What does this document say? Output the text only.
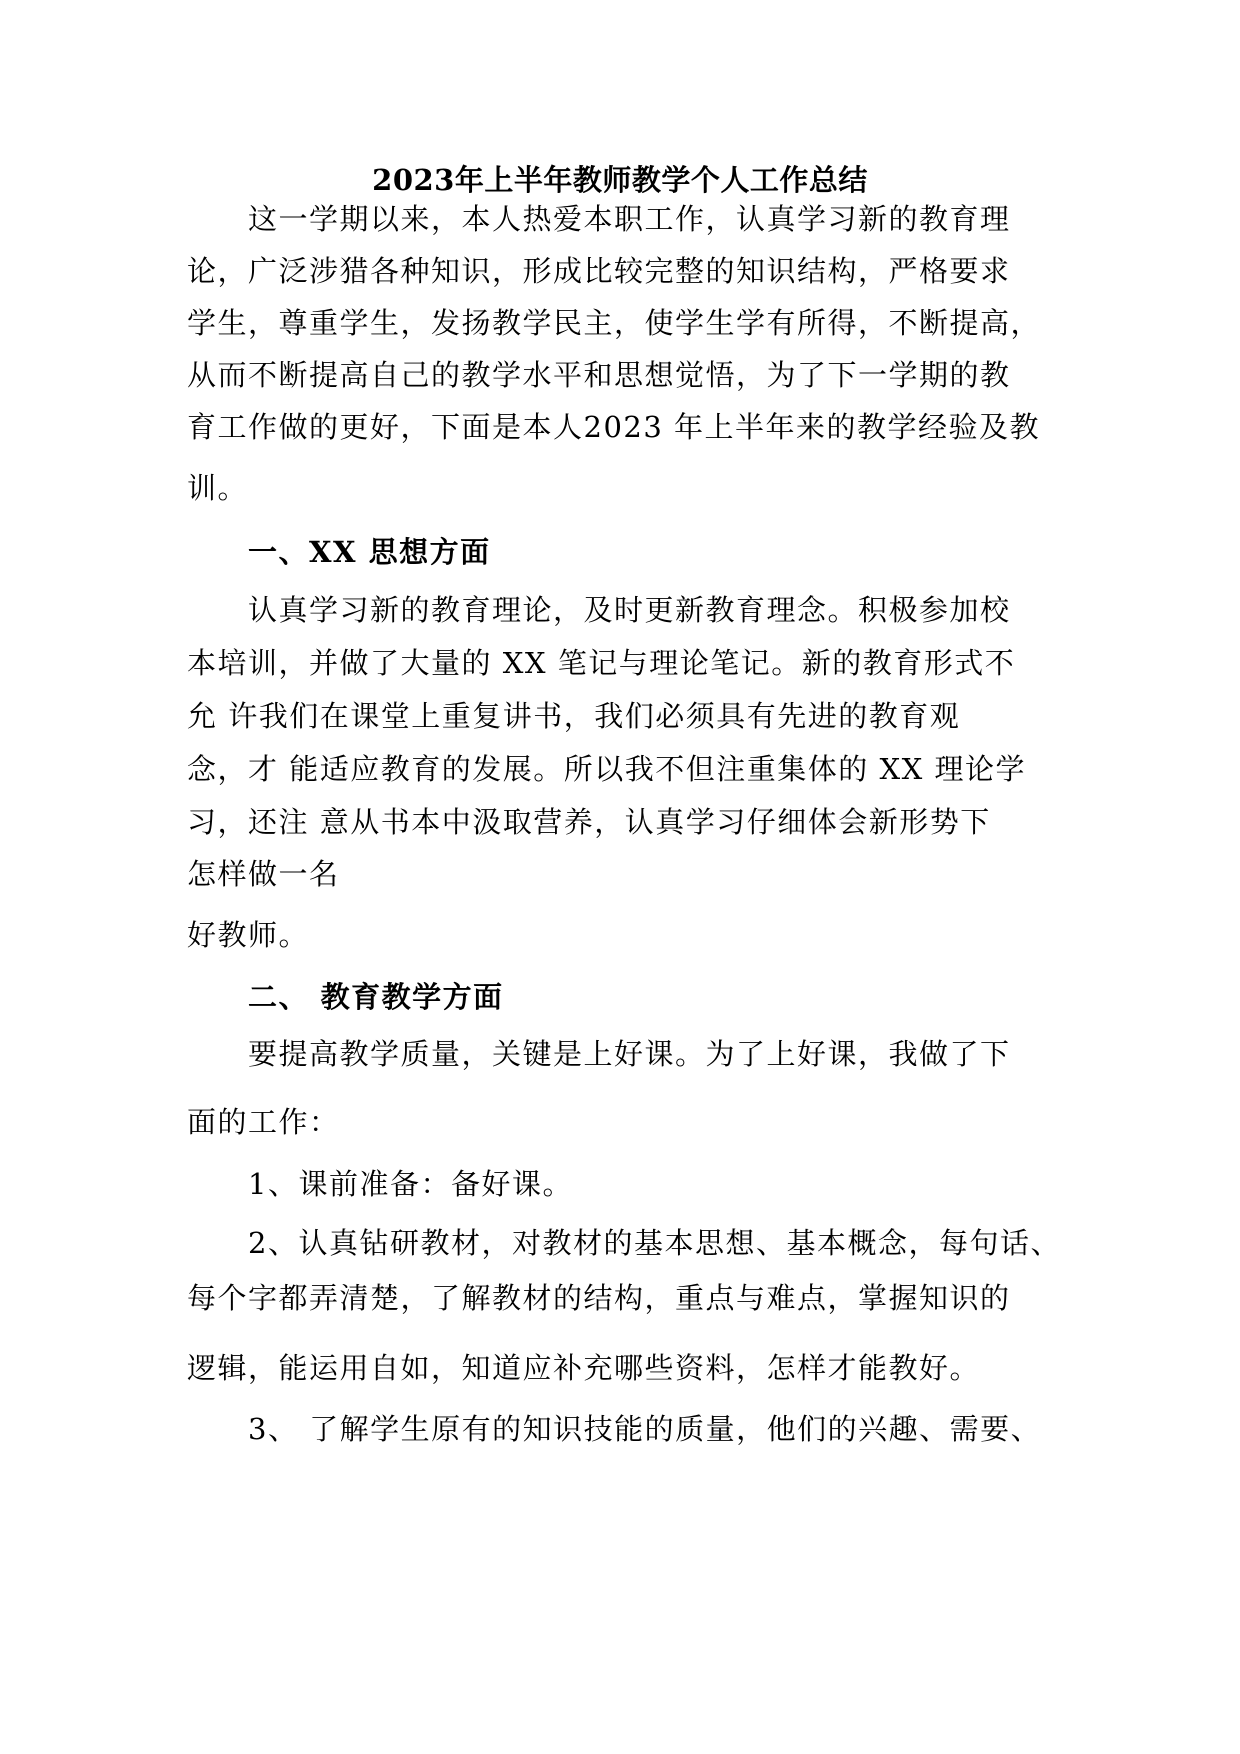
2023年上半年教师教学个人工作总结
这一学期以来，本人热爱本职工作，认真学习新的教育理
论，广泛涉猎各种知识，形成比较完整的知识结构，严格要求
学生，尊重学生，发扬教学民主，使学生学有所得，不断提高，
从而不断提高自己的教学水平和思想觉悟，为了下一学期的教
育工作做的更好，下面是本人2023 年上半年来的教学经验及教
训。
一、XX 思想方面
认真学习新的教育理论，及时更新教育理念。积极参加校
本培训，并做了大量的 XX 笔记与理论笔记。新的教育形式不
允 许我们在课堂上重复讲书，我们必须具有先进的教育观
念，才 能适应教育的发展。所以我不但注重集体的 XX 理论学
习，还注 意从书本中汲取营养，认真学习仔细体会新形势下
怎样做一名
好教师。
二、 教育教学方面
要提高教学质量，关键是上好课。为了上好课，我做了下
面的工作：
1、课前准备：备好课。
2、认真钻研教材，对教材的基本思想、基本概念，每句话、
每个字都弄清楚，了解教材的结构，重点与难点，掌握知识的
逻辑，能运用自如，知道应补充哪些资料，怎样才能教好。
3、 了解学生原有的知识技能的质量，他们的兴趣、需要、
